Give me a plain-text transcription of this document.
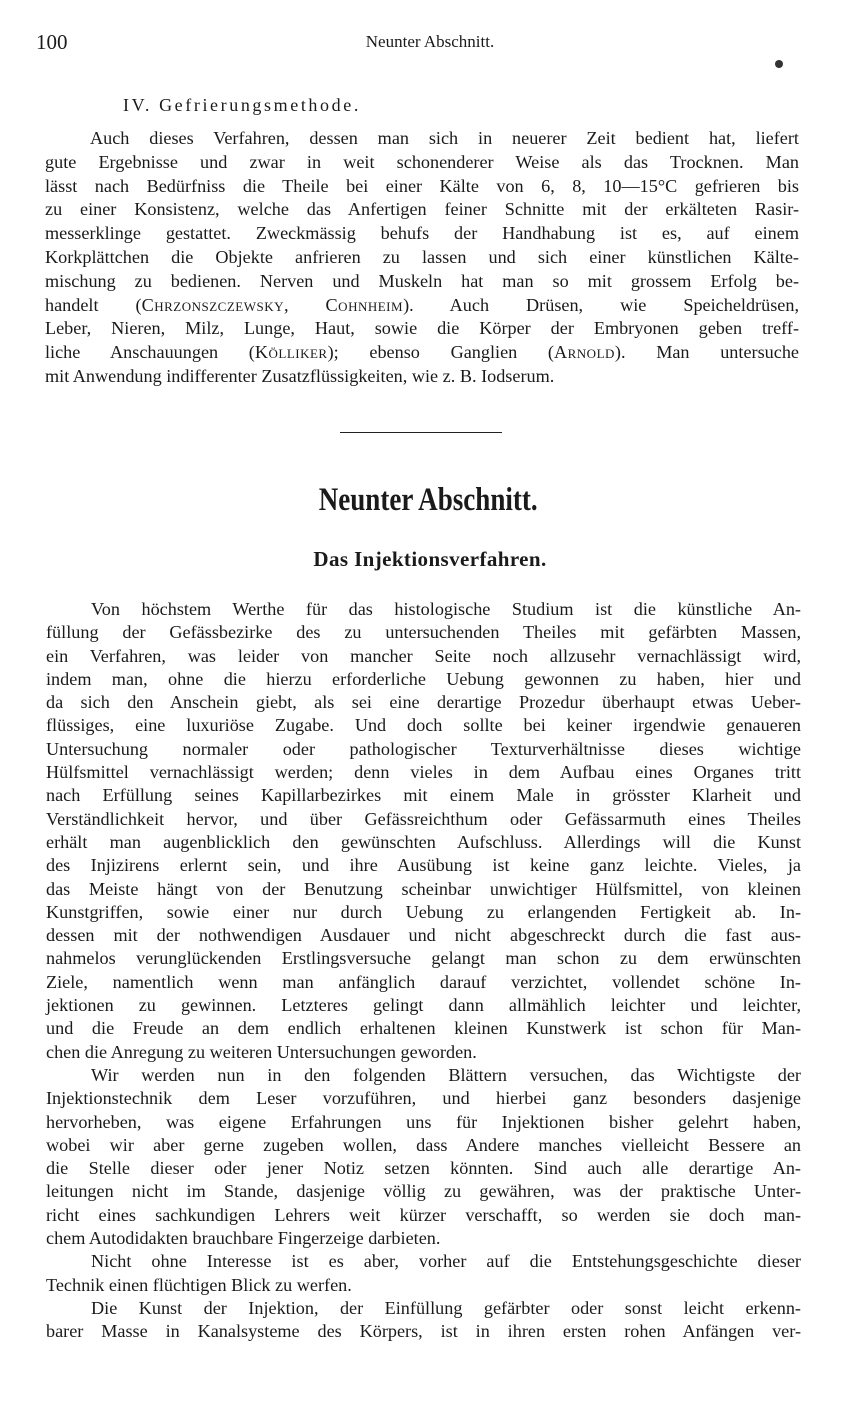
100	Neunter Abschnitt.
IV. Gefrierungsmethode.
Auch dieses Verfahren, dessen man sich in neuerer Zeit bedient hat, liefert
gute Ergebnisse und zwar in weit schonenderer Weise als das Trocknen. Man
lässt nach Bedürfniss die Theile bei einer Kälte von 6, 8, 10—15°C gefrieren bis
zu einer Konsistenz, welche das Anfertigen feiner Schnitte mit der erkälteten Rasir-
messerklinge gestattet. Zweckmässig behufs der Handhabung ist es, auf einem
Korkplättchen die Objekte anfrieren zu lassen und sich einer künstlichen Kälte-
mischung zu bedienen. Nerven und Muskeln hat man so mit grossem Erfolg be-
handelt (Chrzonszczewsky, Cohnheim). Auch Drüsen, wie Speicheldrüsen,
Leber, Nieren, Milz, Lunge, Haut, sowie die Körper der Embryonen geben treff-
liche Anschauungen (Kölliker); ebenso Ganglien (Arnold). Man untersuche
mit Anwendung indifferenter Zusatzflüssigkeiten, wie z. B. Iodserum.
Neunter Abschnitt.
Das Injektionsverfahren.
Von höchstem Werthe für das histologische Studium ist die künstliche An-
füllung der Gefässbezirke des zu untersuchenden Theiles mit gefärbten Massen,
ein Verfahren, was leider von mancher Seite noch allzusehr vernachlässigt wird,
indem man, ohne die hierzu erforderliche Uebung gewonnen zu haben, hier und
da sich den Anschein giebt, als sei eine derartige Prozedur überhaupt etwas Ueber-
flüssiges, eine luxuriöse Zugabe. Und doch sollte bei keiner irgendwie genaueren
Untersuchung normaler oder pathologischer Texturverhältnisse dieses wichtige
Hülfsmittel vernachlässigt werden; denn vieles in dem Aufbau eines Organes tritt
nach Erfüllung seines Kapillarbezirkes mit einem Male in grösster Klarheit und
Verständlichkeit hervor, und über Gefässreichthum oder Gefässarmuth eines Theiles
erhält man augenblicklich den gewünschten Aufschluss. Allerdings will die Kunst
des Injizirens erlernt sein, und ihre Ausübung ist keine ganz leichte. Vieles, ja
das Meiste hängt von der Benutzung scheinbar unwichtiger Hülfsmittel, von kleinen
Kunstgriffen, sowie einer nur durch Uebung zu erlangenden Fertigkeit ab. In-
dessen mit der nothwendigen Ausdauer und nicht abgeschreckt durch die fast aus-
nahmelos verunglückenden Erstlingsversuche gelangt man schon zu dem erwünschten
Ziele, namentlich wenn man anfänglich darauf verzichtet, vollendet schöne In-
jektionen zu gewinnen. Letzteres gelingt dann allmählich leichter und leichter,
und die Freude an dem endlich erhaltenen kleinen Kunstwerk ist schon für Man-
chen die Anregung zu weiteren Untersuchungen geworden.
Wir werden nun in den folgenden Blättern versuchen, das Wichtigste der
Injektionstechnik dem Leser vorzuführen, und hierbei ganz besonders dasjenige
hervorheben, was eigene Erfahrungen uns für Injektionen bisher gelehrt haben,
wobei wir aber gerne zugeben wollen, dass Andere manches vielleicht Bessere an
die Stelle dieser oder jener Notiz setzen könnten. Sind auch alle derartige An-
leitungen nicht im Stande, dasjenige völlig zu gewähren, was der praktische Unter-
richt eines sachkundigen Lehrers weit kürzer verschafft, so werden sie doch man-
chem Autodidakten brauchbare Fingerzeige darbieten.
Nicht ohne Interesse ist es aber, vorher auf die Entstehungsgeschichte dieser
Technik einen flüchtigen Blick zu werfen.
Die Kunst der Injektion, der Einfüllung gefärbter oder sonst leicht erkenn-
barer Masse in Kanalsysteme des Körpers, ist in ihren ersten rohen Anfängen ver-
